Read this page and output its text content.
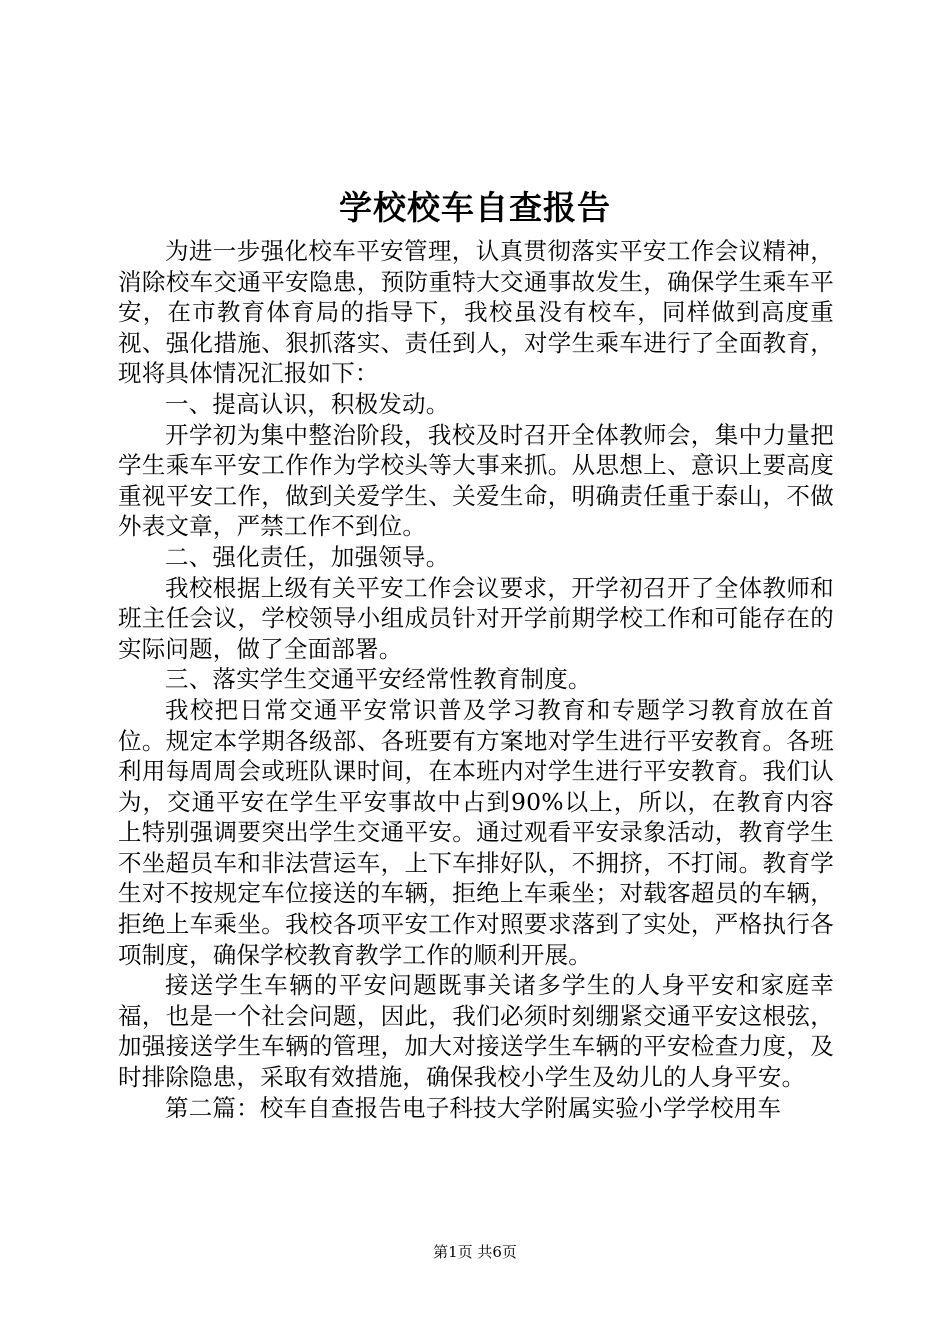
学校校车自查报告

为进一步强化校车平安管理，认真贯彻落实平安工作会议精神，消除校车交通平安隐患，预防重特大交通事故发生，确保学生乘车平安，在市教育体育局的指导下，我校虽没有校车，同样做到高度重视、强化措施、狠抓落实、责任到人，对学生乘车进行了全面教育，现将具体情况汇报如下：

一、提高认识，积极发动。

开学初为集中整治阶段，我校及时召开全体教师会，集中力量把学生乘车平安工作作为学校头等大事来抓。从思想上、意识上要高度重视平安工作，做到关爱学生、关爱生命，明确责任重于泰山，不做外表文章，严禁工作不到位。

二、强化责任，加强领导。

我校根据上级有关平安工作会议要求，开学初召开了全体教师和班主任会议，学校领导小组成员针对开学前期学校工作和可能存在的实际问题，做了全面部署。

三、落实学生交通平安经常性教育制度。

我校把日常交通平安常识普及学习教育和专题学习教育放在首位。规定本学期各级部、各班要有方案地对学生进行平安教育。各班利用每周周会或班队课时间，在本班内对学生进行平安教育。我们认为，交通平安在学生平安事故中占到90%以上，所以，在教育内容上特别强调要突出学生交通平安。通过观看平安录象活动，教育学生不坐超员车和非法营运车，上下车排好队，不拥挤，不打闹。教育学生对不按规定车位接送的车辆，拒绝上车乘坐；对载客超员的车辆，拒绝上车乘坐。我校各项平安工作对照要求落到了实处，严格执行各项制度，确保学校教育教学工作的顺利开展。

接送学生车辆的平安问题既事关诸多学生的人身平安和家庭幸福，也是一个社会问题，因此，我们必须时刻绷紧交通平安这根弦，加强接送学生车辆的管理，加大对接送学生车辆的平安检查力度，及时排除隐患，采取有效措施，确保我校小学生及幼儿的人身平安。

第二篇：校车自查报告电子科技大学附属实验小学学校用车

第1页 共6页
